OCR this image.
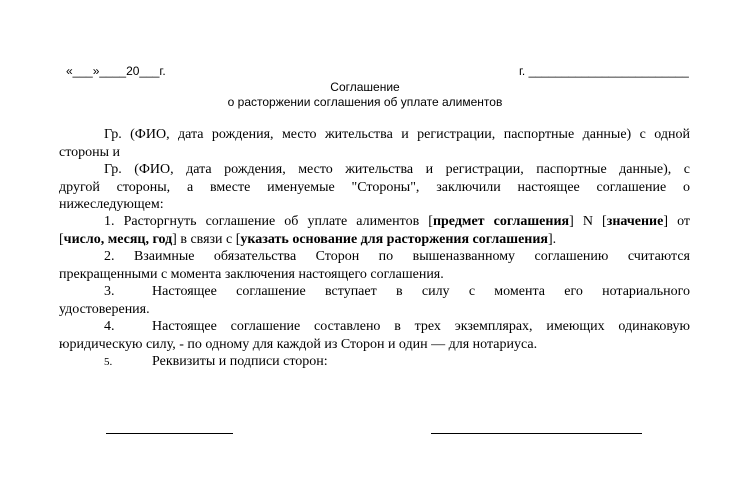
«___»____20___г.	г. ________________________
Соглашение
о расторжении соглашения об уплате алиментов
Гр. (ФИО, дата рождения, место жительства и регистрации, паспортные данные) с одной
стороны и
Гр. (ФИО, дата рождения, место жительства и регистрации, паспортные данные), с
другой стороны, а вместе именуемые "Стороны", заключили настоящее соглашение о
нижеследующем:
1. Расторгнуть соглашение об уплате алиментов [предмет соглашения] N [значение] от
[число, месяц, год] в связи с [указать основание для расторжения соглашения].
2. Взаимные обязательства Сторон по вышеназванному соглашению считаются
прекращенными с момента заключения настоящего соглашения.
3.	Настоящее соглашение вступает в силу с момента его нотариального
удостоверения.
4.	Настоящее соглашение составлено в трех экземплярах, имеющих одинаковую
юридическую силу, - по одному для каждой из Сторон и один — для нотариуса.
5.	Реквизиты и подписи сторон:
